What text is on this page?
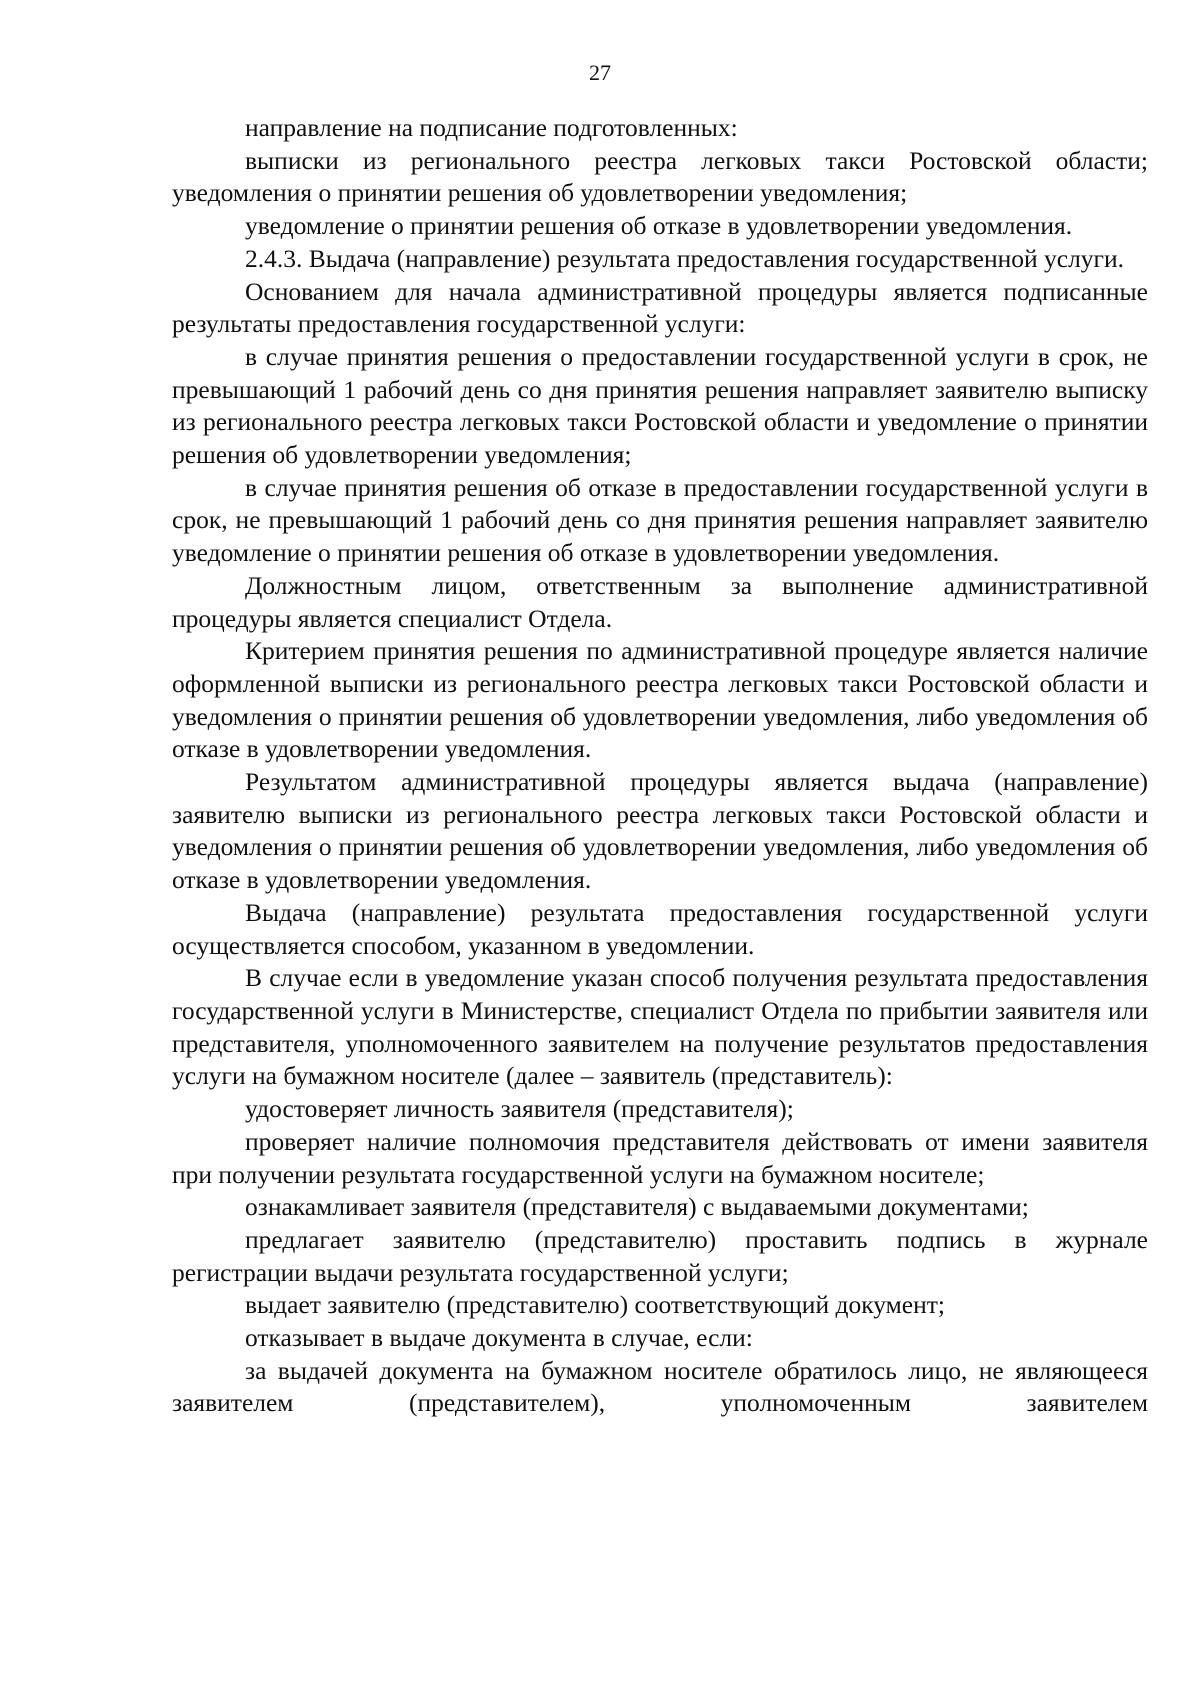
27

направление на подписание подготовленных:

выписки из регионального реестра легковых такси Ростовской области; уведомления о принятии решения об удовлетворении уведомления;

уведомление о принятии решения об отказе в удовлетворении уведомления.

2.4.3. Выдача (направление) результата предоставления государственной услуги.

Основанием для начала административной процедуры является подписанные результаты предоставления государственной услуги:

в случае принятия решения о предоставлении государственной услуги в срок, не превышающий 1 рабочий день со дня принятия решения направляет заявителю выписку из регионального реестра легковых такси Ростовской области и уведомление о принятии решения об удовлетворении уведомления;

в случае принятия решения об отказе в предоставлении государственной услуги в срок, не превышающий 1 рабочий день со дня принятия решения направляет заявителю уведомление о принятии решения об отказе в удовлетворении уведомления.

Должностным лицом, ответственным за выполнение административной процедуры является специалист Отдела.

Критерием принятия решения по административной процедуре является наличие оформленной выписки из регионального реестра легковых такси Ростовской области и уведомления о принятии решения об удовлетворении уведомления, либо уведомления об отказе в удовлетворении уведомления.

Результатом административной процедуры является выдача (направление) заявителю выписки из регионального реестра легковых такси Ростовской области и уведомления о принятии решения об удовлетворении уведомления, либо уведомления об отказе в удовлетворении уведомления.

Выдача (направление) результата предоставления государственной услуги осуществляется способом, указанном в уведомлении.

В случае если в уведомление указан способ получения результата предоставления государственной услуги в Министерстве, специалист Отдела по прибытии заявителя или представителя, уполномоченного заявителем на получение результатов предоставления услуги на бумажном носителе (далее – заявитель (представитель):

удостоверяет личность заявителя (представителя);

проверяет наличие полномочия представителя действовать от имени заявителя при получении результата государственной услуги на бумажном носителе;

ознакамливает заявителя (представителя) с выдаваемыми документами;

предлагает заявителю (представителю) проставить подпись в журнале регистрации выдачи результата государственной услуги;

выдает заявителю (представителю) соответствующий документ;

отказывает в выдаче документа в случае, если:

за выдачей документа на бумажном носителе обратилось лицо, не являющееся заявителем (представителем), уполномоченным заявителем
